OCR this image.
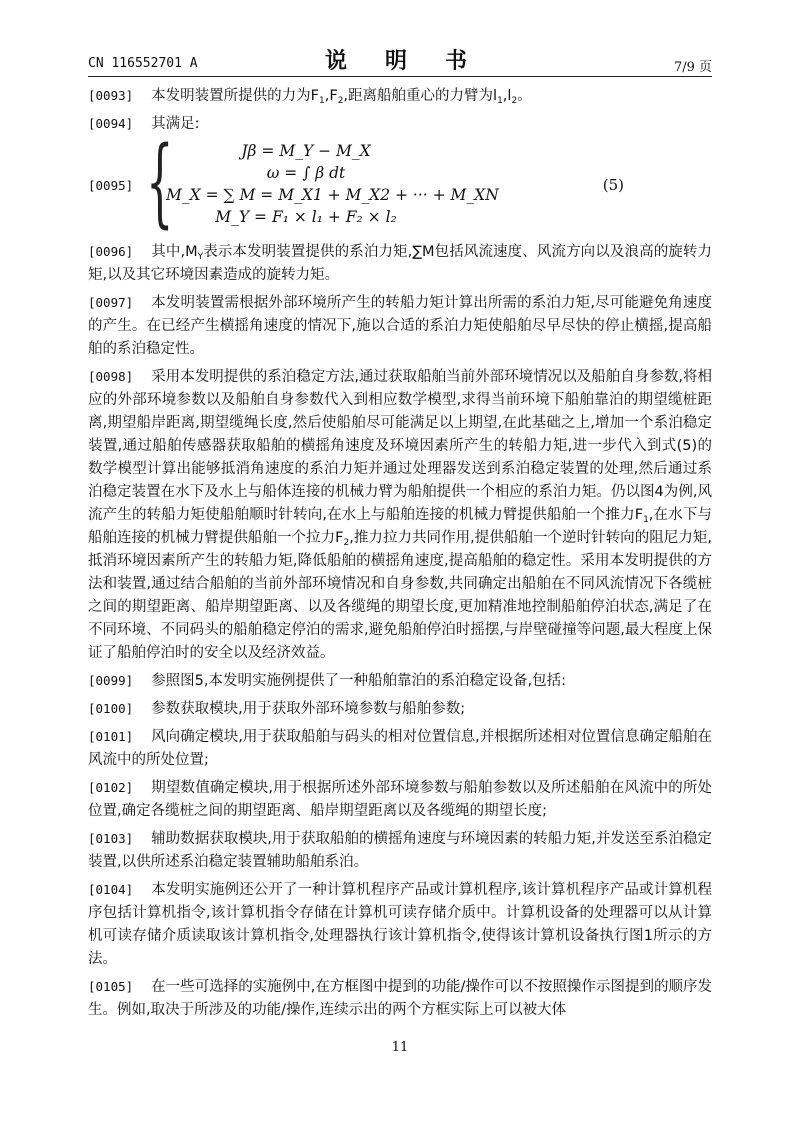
CN 116552701 A	说　明　书	7/9 页

[0093] 本发明装置所提供的力为$F_1,F_2$,距离船舶重心的力臂为$l_1,l_2$。

[0094] 其满足:

[0095] {	Jβ = M_Y − M_X
ω = ∫ β dt
M_X = ∑ M = M_X1 + M_X2 + ··· + M_XN
M_Y = F₁ × l₁ + F₂ × l₂
(5)

[0096] 其中$,M_Y$表示本发明装置提供的系泊力矩,∑M包括风流速度、风流方向以及浪高的旋转力矩,以及其它环境因素造成的旋转力矩。

[0097] 本发明装置需根据外部环境所产生的转船力矩计算出所需的系泊力矩,尽可能避免角速度的产生。在已经产生横摇角速度的情况下,施以合适的系泊力矩使船舶尽早尽快的停止横摇,提高船舶的系泊稳定性。

[0098] 采用本发明提供的系泊稳定方法,通过获取船舶当前外部环境情况以及船舶自身参数,将相应的外部环境参数以及船舶自身参数代入到相应数学模型,求得当前环境下船舶靠泊的期望缆桩距离,期望船岸距离,期望缆绳长度,然后使船舶尽可能满足以上期望,在此基础之上,增加一个系泊稳定装置,通过船舶传感器获取船舶的横摇角速度及环境因素所产生的转船力矩,进一步代入到式(5)的数学模型计算出能够抵消角速度的系泊力矩并通过处理器发送到系泊稳定装置的处理,然后通过系泊稳定装置在水下及水上与船体连接的机械力臂为船舶提供一个相应的系泊力矩。仍以图4为例,风流产生的转船力矩使船舶顺时针转向,在水上与船舶连接的机械力臂提供船舶一个推力$F_1$,在水下与船舶连接的机械力臂提供船舶一个拉力$F_2$,推力拉力共同作用,提供船舶一个逆时针转向的阻尼力矩,抵消环境因素所产生的转船力矩,降低船舶的横摇角速度,提高船舶的稳定性。采用本发明提供的方法和装置,通过结合船舶的当前外部环境情况和自身参数,共同确定出船舶在不同风流情况下各缆桩之间的期望距离、船岸期望距离、以及各缆绳的期望长度,更加精准地控制船舶停泊状态,满足了在不同环境、不同码头的船舶稳定停泊的需求,避免船舶停泊时摇摆,与岸壁碰撞等问题,最大程度上保证了船舶停泊时的安全以及经济效益。

[0099] 参照图5,本发明实施例提供了一种船舶靠泊的系泊稳定设备,包括:

[0100] 参数获取模块,用于获取外部环境参数与船舶参数;

[0101] 风向确定模块,用于获取船舶与码头的相对位置信息,并根据所述相对位置信息确定船舶在风流中的所处位置;

[0102] 期望数值确定模块,用于根据所述外部环境参数与船舶参数以及所述船舶在风流中的所处位置,确定各缆桩之间的期望距离、船岸期望距离以及各缆绳的期望长度;

[0103] 辅助数据获取模块,用于获取船舶的横摇角速度与环境因素的转船力矩,并发送至系泊稳定装置,以供所述系泊稳定装置辅助船舶系泊。

[0104] 本发明实施例还公开了一种计算机程序产品或计算机程序,该计算机程序产品或计算机程序包括计算机指令,该计算机指令存储在计算机可读存储介质中。计算机设备的处理器可以从计算机可读存储介质读取该计算机指令,处理器执行该计算机指令,使得该计算机设备执行图1所示的方法。

[0105] 在一些可选择的实施例中,在方框图中提到的功能/操作可以不按照操作示图提到的顺序发生。例如,取决于所涉及的功能/操作,连续示出的两个方框实际上可以被大体

11
